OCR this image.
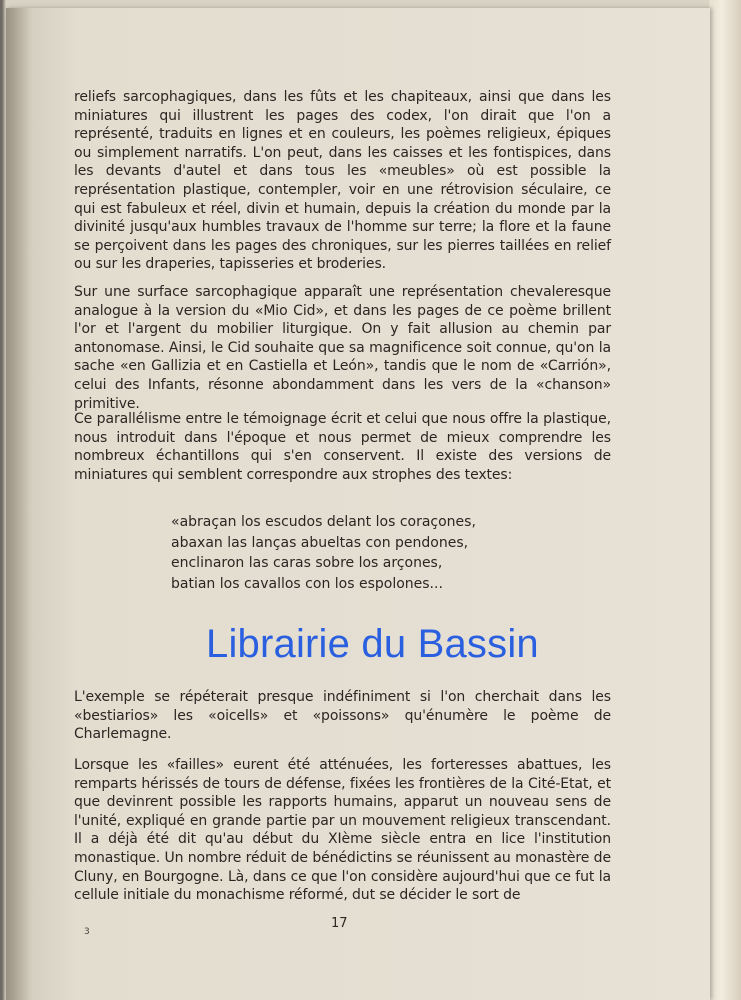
reliefs sarcophagiques, dans les fûts et les chapiteaux, ainsi que dans les miniatures qui illustrent les pages des codex, l'on dirait que l'on a représenté, traduits en lignes et en couleurs, les poèmes religieux, épiques ou simplement narratifs. L'on peut, dans les caisses et les fontispices, dans les devants d'autel et dans tous les «meubles» où est possible la représentation plastique, contempler, voir en une rétrovision séculaire, ce qui est fabuleux et réel, divin et humain, depuis la création du monde par la divinité jusqu'aux humbles travaux de l'homme sur terre; la flore et la faune se perçoivent dans les pages des chroniques, sur les pierres taillées en relief ou sur les draperies, tapisseries et broderies.

Sur une surface sarcophagique apparaît une représentation chevaleresque analogue à la version du «Mio Cid», et dans les pages de ce poème brillent l'or et l'argent du mobilier liturgique. On y fait allusion au chemin par antonomase. Ainsi, le Cid souhaite que sa magnificence soit connue, qu'on la sache «en Gallizia et en Castiella et León», tandis que le nom de «Carrión», celui des Infants, résonne abondamment dans les vers de la «chanson» primitive.

Ce parallélisme entre le témoignage écrit et celui que nous offre la plastique, nous introduit dans l'époque et nous permet de mieux comprendre les nombreux échantillons qui s'en conservent. Il existe des versions de miniatures qui semblent correspondre aux strophes des textes:

«abraçan los escudos delant los coraçones,
abaxan las lanças abueltas con pendones,
enclinaron las caras sobre los arçones,
batian los cavallos con los espolones...
Librairie du Bassin

L'exemple se répéterait presque indéfiniment si l'on cherchait dans les «bestiarios» les «oicells» et «poissons» qu'énumère le poème de Charlemagne.

Lorsque les «failles» eurent été atténuées, les forteresses abattues, les remparts hérissés de tours de défense, fixées les frontières de la Cité-Etat, et que devinrent possible les rapports humains, apparut un nouveau sens de l'unité, expliqué en grande partie par un mouvement religieux transcendant. Il a déjà été dit qu'au début du XIème siècle entra en lice l'institution monastique. Un nombre réduit de bénédictins se réunissent au monastère de Cluny, en Bourgogne. Là, dans ce que l'on considère aujourd'hui que ce fut la cellule initiale du monachisme réformé, dut se décider le sort de

3
17
